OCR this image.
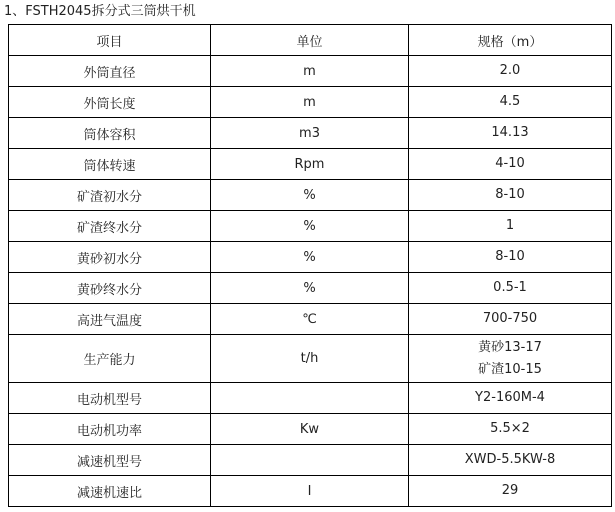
1、FSTH2045拆分式三筒烘干机
项目	单位	规格（m）
外筒直径	m	2.0

外筒长度	m	4.5

筒体容积	m3	14.13

筒体转速	Rpm	4-10

矿渣初水分	%	8-10

矿渣终水分	%	1

黄砂初水分	%	8-10

黄砂终水分	%	0.5-1

高进气温度	℃	700-750

生产能力	t/h	黄砂13-17
矿渣10-15

电动机型号		Y2-160M-4

电动机功率	Kw	5.5×2

减速机型号		XWD-5.5KW-8

减速机速比	I	29
